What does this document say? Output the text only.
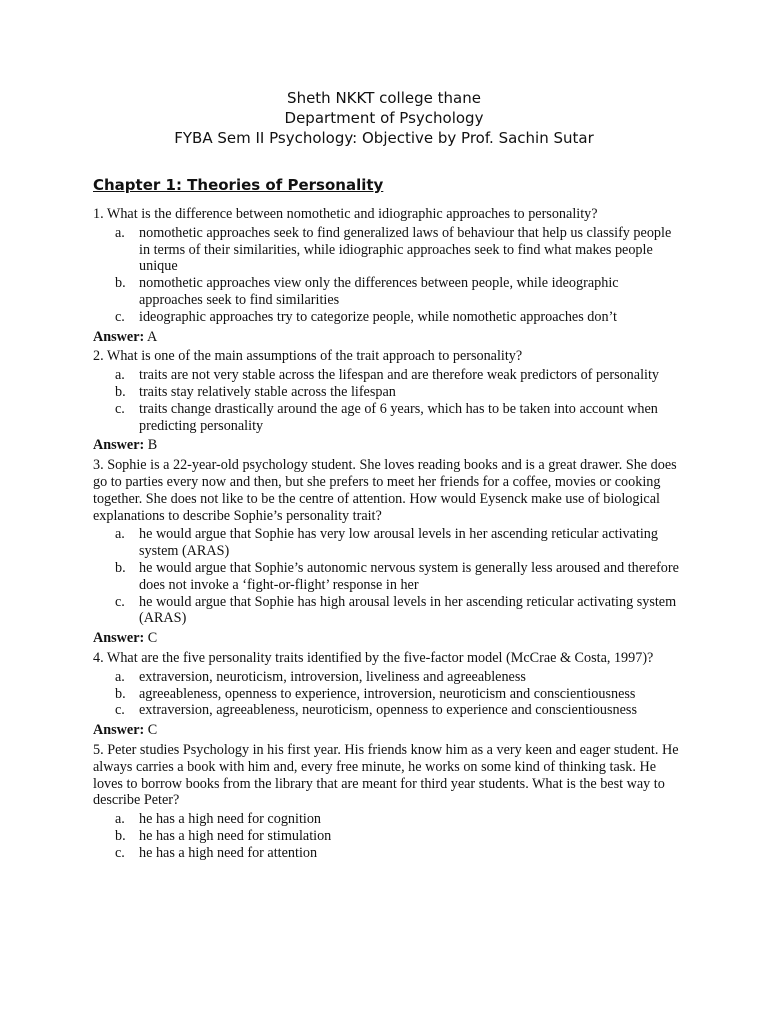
Sheth NKKT college thane
Department of Psychology
FYBA Sem II Psychology: Objective by Prof. Sachin Sutar
Chapter 1: Theories of Personality
1. What is the difference between nomothetic and idiographic approaches to personality?
a. nomothetic approaches seek to find generalized laws of behaviour that help us classify people in terms of their similarities, while idiographic approaches seek to find what makes people unique
b. nomothetic approaches view only the differences between people, while ideographic approaches seek to find similarities
c. ideographic approaches try to categorize people, while nomothetic approaches don’t
Answer: A
2. What is one of the main assumptions of the trait approach to personality?
a. traits are not very stable across the lifespan and are therefore weak predictors of personality
b. traits stay relatively stable across the lifespan
c. traits change drastically around the age of 6 years, which has to be taken into account when predicting personality
Answer: B
3. Sophie is a 22-year-old psychology student. She loves reading books and is a great drawer. She does go to parties every now and then, but she prefers to meet her friends for a coffee, movies or cooking together. She does not like to be the centre of attention. How would Eysenck make use of biological explanations to describe Sophie’s personality trait?
a. he would argue that Sophie has very low arousal levels in her ascending reticular activating system (ARAS)
b. he would argue that Sophie’s autonomic nervous system is generally less aroused and therefore does not invoke a ‘fight-or-flight’ response in her
c. he would argue that Sophie has high arousal levels in her ascending reticular activating system (ARAS)
Answer: C
4. What are the five personality traits identified by the five-factor model (McCrae & Costa, 1997)?
a. extraversion, neuroticism, introversion, liveliness and agreeableness
b. agreeableness, openness to experience, introversion, neuroticism and conscientiousness
c. extraversion, agreeableness, neuroticism, openness to experience and conscientiousness
Answer: C
5. Peter studies Psychology in his first year. His friends know him as a very keen and eager student. He always carries a book with him and, every free minute, he works on some kind of thinking task. He loves to borrow books from the library that are meant for third year students. What is the best way to describe Peter?
a. he has a high need for cognition
b. he has a high need for stimulation
c. he has a high need for attention
